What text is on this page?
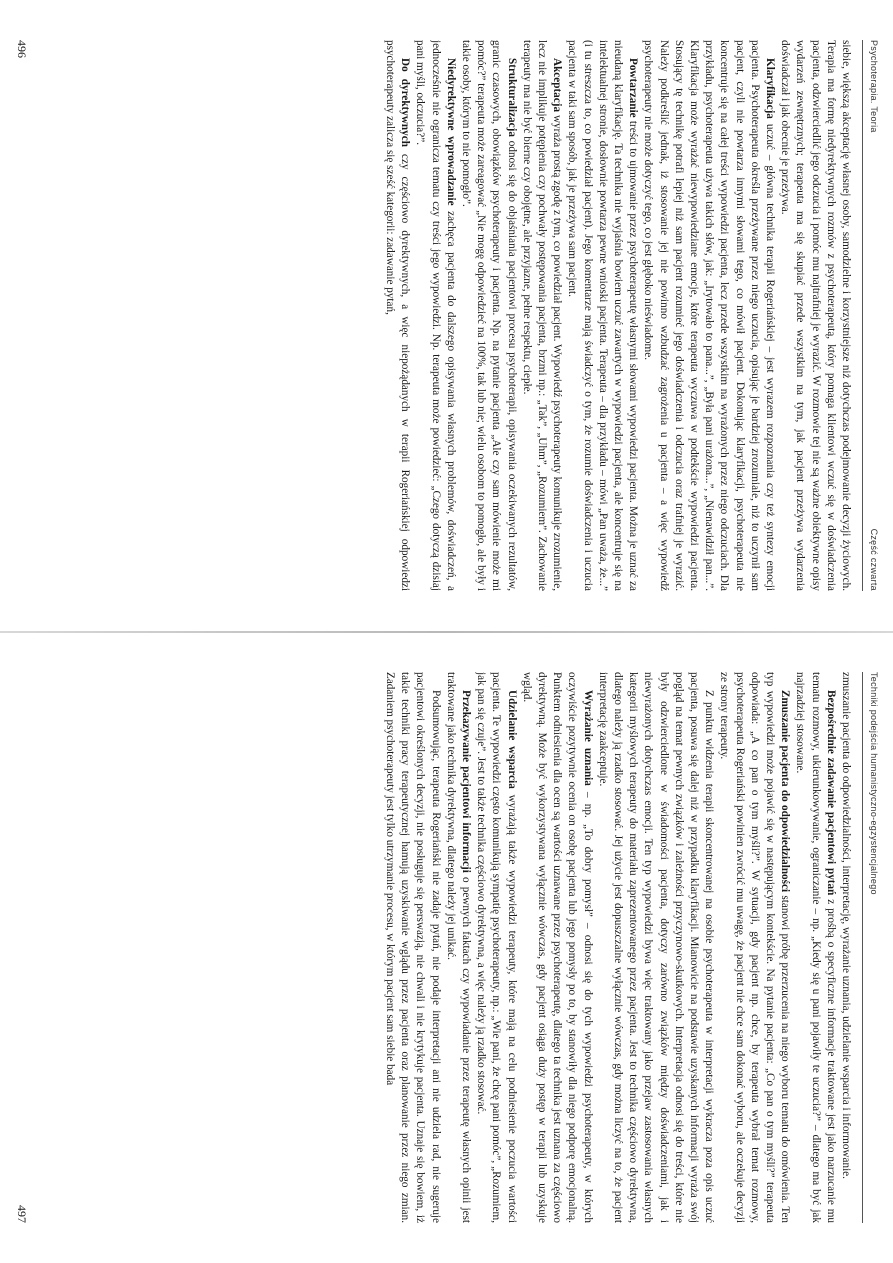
Psychoterapia. Teoria
Część czwarta

siebie, większą akceptację własnej osoby, samodzielne i korzystniejsze niż dotychczas podejmowanie decyzji życiowych. Terapia ma formę niedyrektywnych rozmów z psychoterapeutą, który pomaga klientowi wczuć się w doświadczenia pacjenta, odzwierciedlić jego odczucia i pomóc mu najtrafniej je wyrazić. W rozmowie tej nie są ważne obiektywne opisy wydarzeń zewnętrznych; terapeuta ma się skupiać przede wszystkim na tym, jak pacjent przeżywa wydarzenia doświadczał i jak obecnie je przeżywa.

Klaryfikacja uczuć – główna technika terapii Rogeriańskiej – jest wyrazem rozpoznania czy też syntezy emocji pacjenta. Psychoterapeuta określa przeżywane przez niego uczucia, opisując je bardziej zrozumiale, niż to uczynił sam pacjent, czyli nie powtarza innymi słowami tego, co mówił pacjent. Dokonując klaryfikacji, psychoterapeuta nie koncentruje się na całej treści wypowiedzi pacjenta, lecz przede wszystkim na wyrażonych przez niego odczuciach. Dla przykładu, psychoterapeuta używa takich słów, jak: „Irytowało to pana...”, „Była pani urażona...”, „Nienawidził pan...”. Klaryfikacja może wyrażać niewypowiedziane emocje, które terapeuta wyczuwa w podtekście wypowiedzi pacjenta. Stosujący tę technikę potrafi lepiej niż sam pacjent rozumieć jego doświadczenia i odczucia oraz trafniej je wyrazić. Należy podkreślić jednak, iż stosowanie jej nie powinno wzbudzać zagrożenia u pacjenta – a więc wypowiedź psychoterapeuty nie może dotyczyć tego, co jest głęboko nieświadome.

Powtarzanie treści to ujmowanie przez psychoterapeutę własnymi słowami wypowiedzi pacjenta. Można je uznać za nieudaną klaryfikację. Ta technika nie wyjaśnia bowiem uczuć zawartych w wypowiedzi pacjenta, ale koncentruje się na intelektualnej stronie, dosłownie powtarza pewne wnioski pacjenta. Terapeuta – dla przykładu – mówi „Pan uważa, że...” (i tu streszcza to, co powiedział pacjent). Jego komentarze mają świadczyć o tym, że rozumie doświadczenia i uczucia pacjenta w taki sam sposób, jak je przeżywa sam pacjent.

Akceptacja wyraża prostą zgodę z tym, co powiedział pacjent. Wypowiedź psychoterapeuty komunikuje zrozumienie, lecz nie implikuje potępienia czy pochwały postępowania pacjenta, brzmi np.: „Tak”, „Uhm”, „Rozumiem”. Zachowanie terapeuty ma nie być bierne czy obojętne, ale przyjazne, pełne respektu, ciepłe.

Strukturalizacja odnosi się do objaśniania pacjentowi procesu psychoterapii, opisywania oczekiwanych rezultatów, granic czasowych, obowiązków psychoterapeuty i pacjenta. Np. na pytanie pacjenta „Ale czy sam mówienie może mi pomóc?” terapeuta może zareagować „Nie mogę odpowiedzieć na 100%, tak lub nie; wielu osobom to pomogło, ale były i takie osoby, którym to nie pomogło”.

Niedyrektywne wprowadzanie zachęca pacjenta do dalszego opisywania własnych problemów, doświadczeń, a jednocześnie nie ogranicza tematu czy treści jego wypowiedzi. Np. terapeuta może powiedzieć: „Czego dotyczą dzisiaj pani myśli, odczucia?”.

Do dyrektywnych czy częściowo dyrektywnych, a więc niepożądanych w terapii Rogeriańskiej odpowiedzi psychoterapeuty zalicza się sześć kategorii: zadawanie pytań,

496
Techniki podejścia humanistyczno-egzystencjalnego

zmuszanie pacjenta do odpowiedzialności, interpretację, wyrażanie uznania, udzielanie wsparcia i informowanie.

Bezpośrednie zadawanie pacjentowi pytań z prośbą o specyficzne informacje traktowane jest jako narzucanie mu tematu rozmowy, ukierunkowywanie, ograniczanie – np. „Kiedy się u pani pojawiły te uczucia?” – dlatego ma być jak najrzadziej stosowane.

Zmuszanie pacjenta do odpowiedzialności stanowi próbę przerzucenia na niego wyboru tematu do omówienia. Ten typ wypowiedzi może pojawić się w następującym kontekście. Na pytanie pacjenta: „Co pan o tym myśli?” terapeuta odpowiada: „A co pan o tym myśli?”. W sytuacji, gdy pacjent np. chce, by terapeuta wybrał temat rozmowy, psychoterapeuta Rogeriański powinien zwrócić mu uwagę, że pacjent nie chce sam dokonać wyboru, ale oczekuje decyzji ze strony terapeuty.

Z punktu widzenia terapii skoncentrowanej na osobie psychoterapeuta w interpretacji wykracza poza opis uczuć pacjenta, posuwa się dalej niż w przypadku klaryfikacji. Mianowicie na podstawie uzyskanych informacji wyraża swój pogląd na temat pewnych związków i zależności przyczynowo-skutkowych. Interpretacja odnosi się do treści, które nie były odzwierciedlone w świadomości pacjenta, dotyczy zarówno związków między doświadczeniami, jak i niewyrażonych dotychczas emocji. Ten typ wypowiedzi bywa więc traktowany jako przejaw zastosowania własnych kategorii myślowych terapeuty do materiału zaprezentowanego przez pacjenta. Jest to technika częściowo dyrektywna, dlatego należy ją rzadko stosować. Jej użycie jest dopuszczalne wyłącznie wówczas, gdy można liczyć na to, że pacjent interpretację zaakceptuje.

Wyrażanie uznania – np. „To dobry pomysł” – odnosi się do tych wypowiedzi psychoterapeuty, w których oczywiście pozytywnie ocenia on osobę pacjenta lub jego pomysły po to, by stanowiły dla niego podporę emocjonalną. Punktem odniesienia dla ocen są wartości uznawane przez psychoterapeutę, dlatego ta technika jest uznana za częściowo dyrektywną. Może być wykorzystywana wyłącznie wówczas, gdy pacjent osiąga duży postęp w terapii lub uzyskuje wgląd.

Udzielanie wsparcia wyrażają także wypowiedzi terapeuty, które mają na celu podniesienie poczucia wartości pacjenta. Te wypowiedzi często komunikują sympatię psychoterapeuty, np.: „Wie pani, że chcę pani pomóc”, „Rozumiem, jak pan się czuje”. Jest to także technika częściowo dyrektywna, a więc należy ją rzadko stosować.

Przekazywanie pacjentowi informacji o pewnych faktach czy wypowiadanie przez terapeutę własnych opinii jest traktowane jako technika dyrektywna, dlatego należy jej unikać.

Podsumowując, terapeuta Rogeriański nie zadaje pytań, nie podaje interpretacji ani nie udziela rad, nie sugeruje pacjentowi określonych decyzji, nie posługuje się perswazją, nie chwali i nie krytykuje pacjenta. Uznaje się bowiem, iż takie techniki pracy terapeutycznej hamują uzyskiwanie wglądu przez pacjenta oraz planowanie przez niego zmian. Zadaniem psychoterapeuty jest tylko utrzymanie procesu, w którym pacjent sam siebie bada

497
